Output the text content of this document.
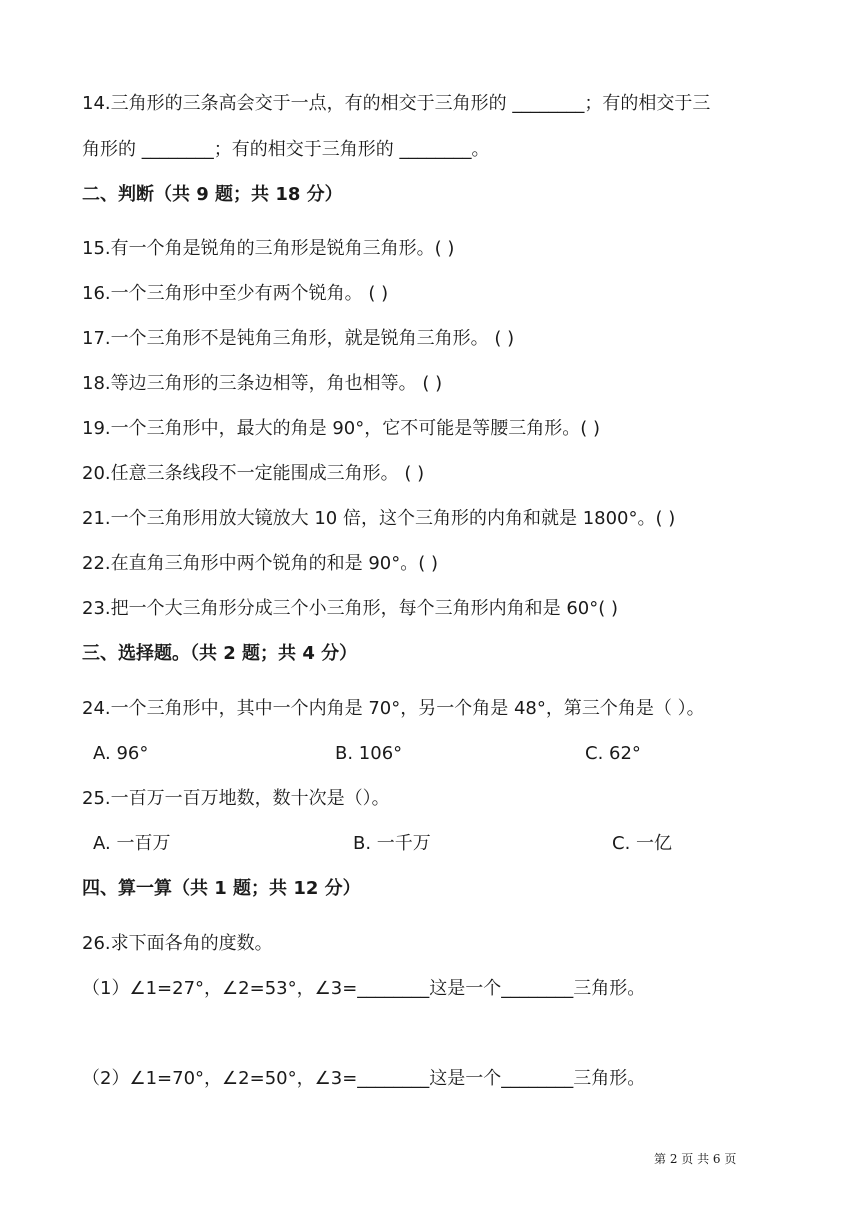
14.三角形的三条高会交于一点，有的相交于三角形的 ________；有的相交于三
角形的 ________；有的相交于三角形的 ________。
二、判断（共 9 题；共 18 分）
15.有一个角是锐角的三角形是锐角三角形。( )
16.一个三角形中至少有两个锐角。 ( )
17.一个三角形不是钝角三角形，就是锐角三角形。 ( )
18.等边三角形的三条边相等，角也相等。 ( )
19.一个三角形中，最大的角是 90°，它不可能是等腰三角形。( )
20.任意三条线段不一定能围成三角形。 ( )
21.一个三角形用放大镜放大 10 倍，这个三角形的内角和就是 1800°。( )
22.在直角三角形中两个锐角的和是 90°。( )
23.把一个大三角形分成三个小三角形，每个三角形内角和是 60°( )
三、选择题。（共 2 题；共 4 分）
24.一个三角形中，其中一个内角是 70°，另一个角是 48°，第三个角是（ ）。
A. 96°	B. 106°	C. 62°
25.一百万一百万地数，数十次是（）。
A. 一百万	B. 一千万	C. 一亿
四、算一算（共 1 题；共 12 分）
26.求下面各角的度数。
（1）∠1=27°，∠2=53°，∠3=________这是一个________三角形。
（2）∠1=70°，∠2=50°，∠3=________这是一个________三角形。
第 2 页 共 6 页
